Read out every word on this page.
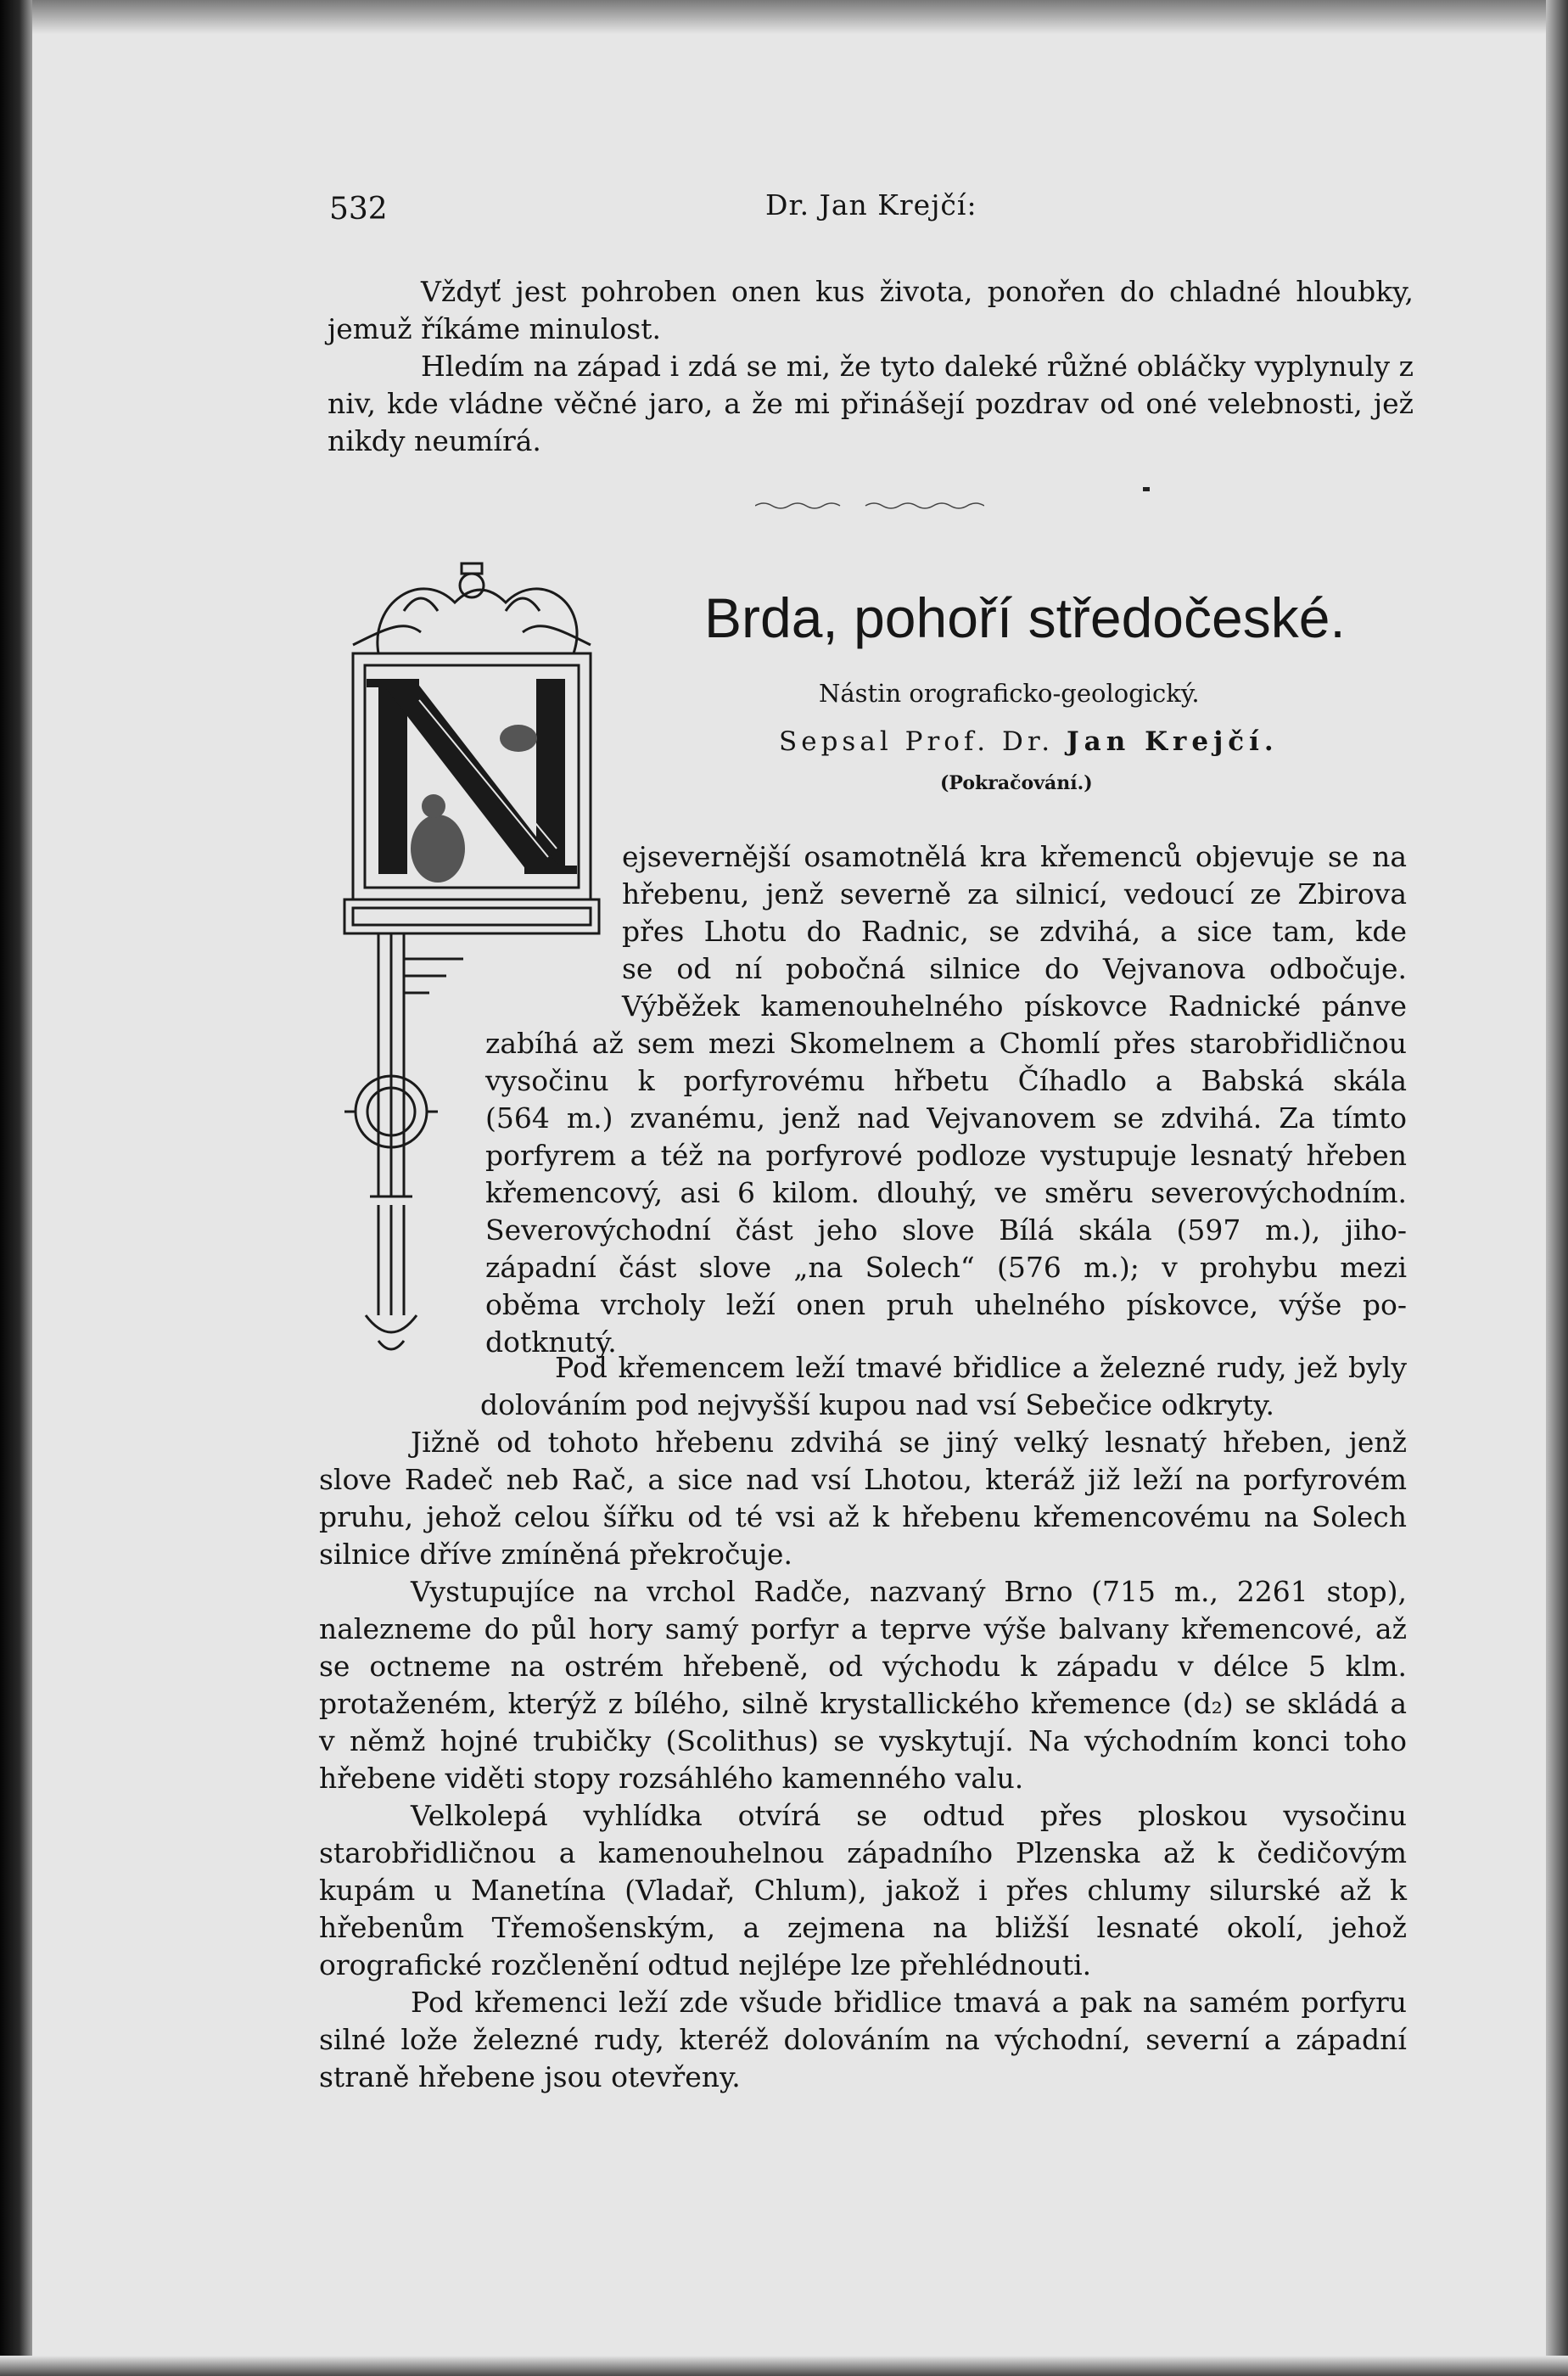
532	Dr. Jan Krejčí:

Vždyť jest pohroben onen kus života, ponořen do chladné hloubky, jemuž říkáme minulost.

Hledím na západ i zdá se mi, že tyto daleké růžné obláčky vyplynuly z niv, kde vládne věčné jaro, a že mi přinášejí pozdrav od oné velebnosti, jež nikdy neumírá.

Brda, pohoří středočeské.
Nástin orograficko-geologický.
Sepsal Prof. Dr. Jan Krejčí.
(Pokračování.)

ejsevernější osamotnělá kra křemenců objevuje se na

hřebenu, jenž severně za silnicí, vedoucí ze Zbirova

přes Lhotu do Radnic, se zdvihá, a sice tam, kde

se od ní pobočná silnice do Vejvanova odbočuje.

Výběžek kamenouhelného pískovce Radnické pánve

zabíhá až sem mezi Skomelnem a Chomlí přes starobřidličnou

vysočinu k porfyrovému hřbetu Číhadlo a Babská skála

(564 m.) zvanému, jenž nad Vejvanovem se zdvihá. Za tímto

porfyrem a též na porfyrové podloze vystupuje lesnatý hřeben

křemencový, asi 6 kilom. dlouhý, ve směru severovýchodním.

Severovýchodní část jeho slove Bílá skála (597 m.), jiho-

západní část slove „na Solech“ (576 m.); v prohybu mezi

oběma vrcholy leží onen pruh uhelného pískovce, výše po-

dotknutý.

Pod křemencem leží tmavé břidlice a železné rudy, jež byly dolováním pod nejvyšší kupou nad vsí Sebečice odkryty.

Jižně od tohoto hřebenu zdvihá se jiný velký lesnatý hřeben, jenž slove Radeč neb Rač, a sice nad vsí Lhotou, kteráž již leží na porfyrovém pruhu, jehož celou šířku od té vsi až k hřebenu křemencovému na Solech silnice dříve zmíněná překročuje.

Vystupujíce na vrchol Radče, nazvaný Brno (715 m., 2261 stop), nalezneme do půl hory samý porfyr a teprve výše balvany křemencové, až se octneme na ostrém hřebeně, od východu k západu v délce 5 klm. protaženém, kterýž z bílého, silně krystallického křemence (d₂) se skládá a v němž hojné trubičky (Scolithus) se vyskytují. Na východním konci toho hřebene viděti stopy rozsáhlého kamenného valu.

Velkolepá vyhlídka otvírá se odtud přes ploskou vysočinu starobřidličnou a kamenouhelnou západního Plzenska až k čedičovým kupám u Manetína (Vladař, Chlum), jakož i přes chlumy silurské až k hřebenům Třemošenským, a zejmena na bližší lesnaté okolí, jehož orografické rozčlenění odtud nejlépe lze přehlédnouti.

Pod křemenci leží zde všude břidlice tmavá a pak na samém porfyru silné lože železné rudy, kteréž dolováním na východní, severní a západní straně hřebene jsou otevřeny.
